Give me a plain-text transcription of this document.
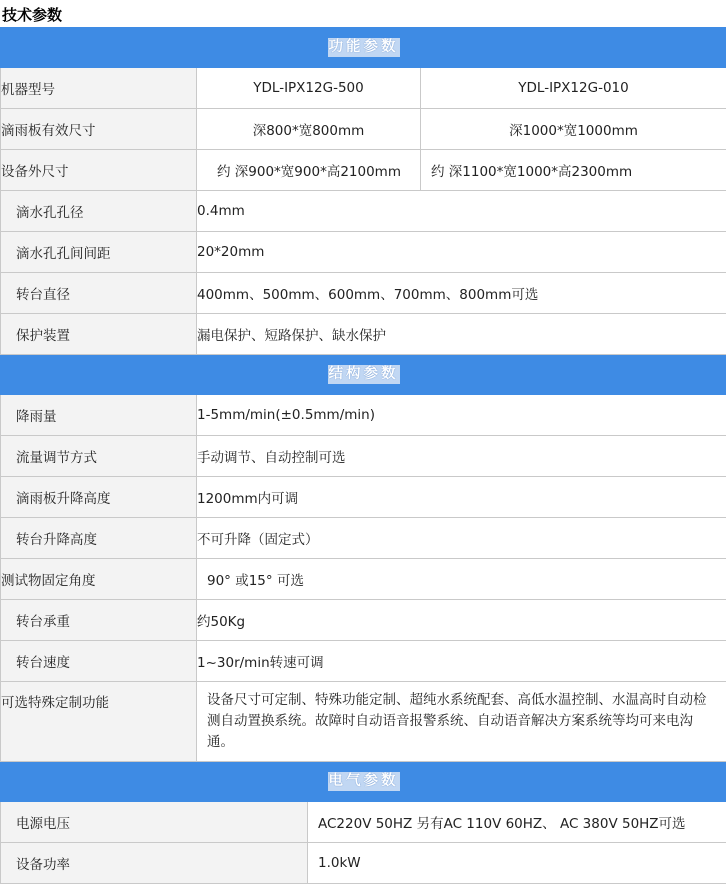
技术参数
功能参数			
机器型号	YDL-IPX12G-500		YDL-IPX12G-010
滴雨板有效尺寸	深800*宽800mm		深1000*宽1000mm
设备外尺寸	约 深900*宽900*高2100mm		约 深1100*宽1000*高2300mm
滴水孔孔径	0.4mm		
滴水孔孔间间距	20*20mm		
转台直径	400mm、500mm、600mm、700mm、800mm可选		
保护装置	漏电保护、短路保护、缺水保护		
结构参数			
降雨量	1-5mm/min(±0.5mm/min)		
流量调节方式	手动调节、自动控制可选		
滴雨板升降高度	1200mm内可调		
转台升降高度	不可升降（固定式）		
测试物固定角度	90° 或15° 可选		
转台承重	约50Kg		
转台速度	1~30r/min转速可调		
可选特殊定制功能	设备尺寸可定制、特殊功能定制、超纯水系统配套、高低水温控制、水温高时自动检测自动置换系统。故障时自动语音报警系统、自动语音解决方案系统等均可来电沟通。		
电气参数			
电源电压		AC220V 50HZ 另有AC 110V 60HZ、 AC 380V 50HZ可选	
设备功率		1.0kW	
